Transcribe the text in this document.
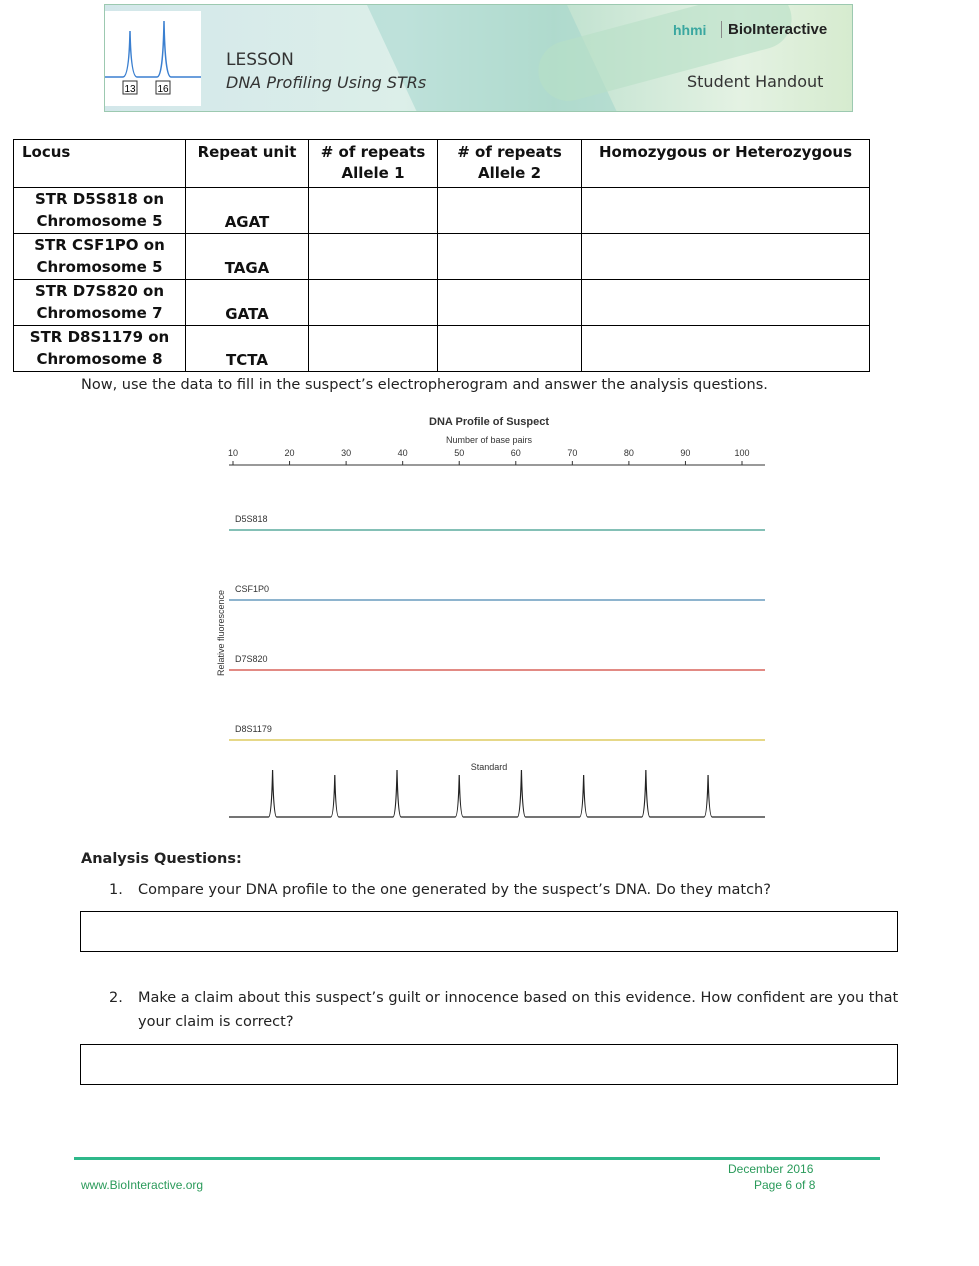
13 16
LESSON
DNA Profiling Using STRs
hhmi	BioInteractive
Student Handout
Locus	Repeat unit	# of repeats Allele 1	# of repeats Allele 2	Homozygous or Heterozygous
STR D5S818 on Chromosome 5	AGAT			
STR CSF1PO on Chromosome 5	TAGA			
STR D7S820 on Chromosome 7	GATA			
STR D8S1179 on Chromosome 8	TCTA			
Now, use the data to fill in the suspect’s electropherogram and answer the analysis questions.
DNA Profile of Suspect
Number of base pairs
Relative fluorescence
10	20	30	40	50	60	70	80	90	100
D5S818
CSF1P0
D7S820
D8S1179
Standard
Analysis Questions:
1. Compare your DNA profile to the one generated by the suspect’s DNA. Do they match?
2. Make a claim about this suspect’s guilt or innocence based on this evidence. How confident are you that
your claim is correct?
www.BioInteractive.org
December 2016
Page 6 of 8
